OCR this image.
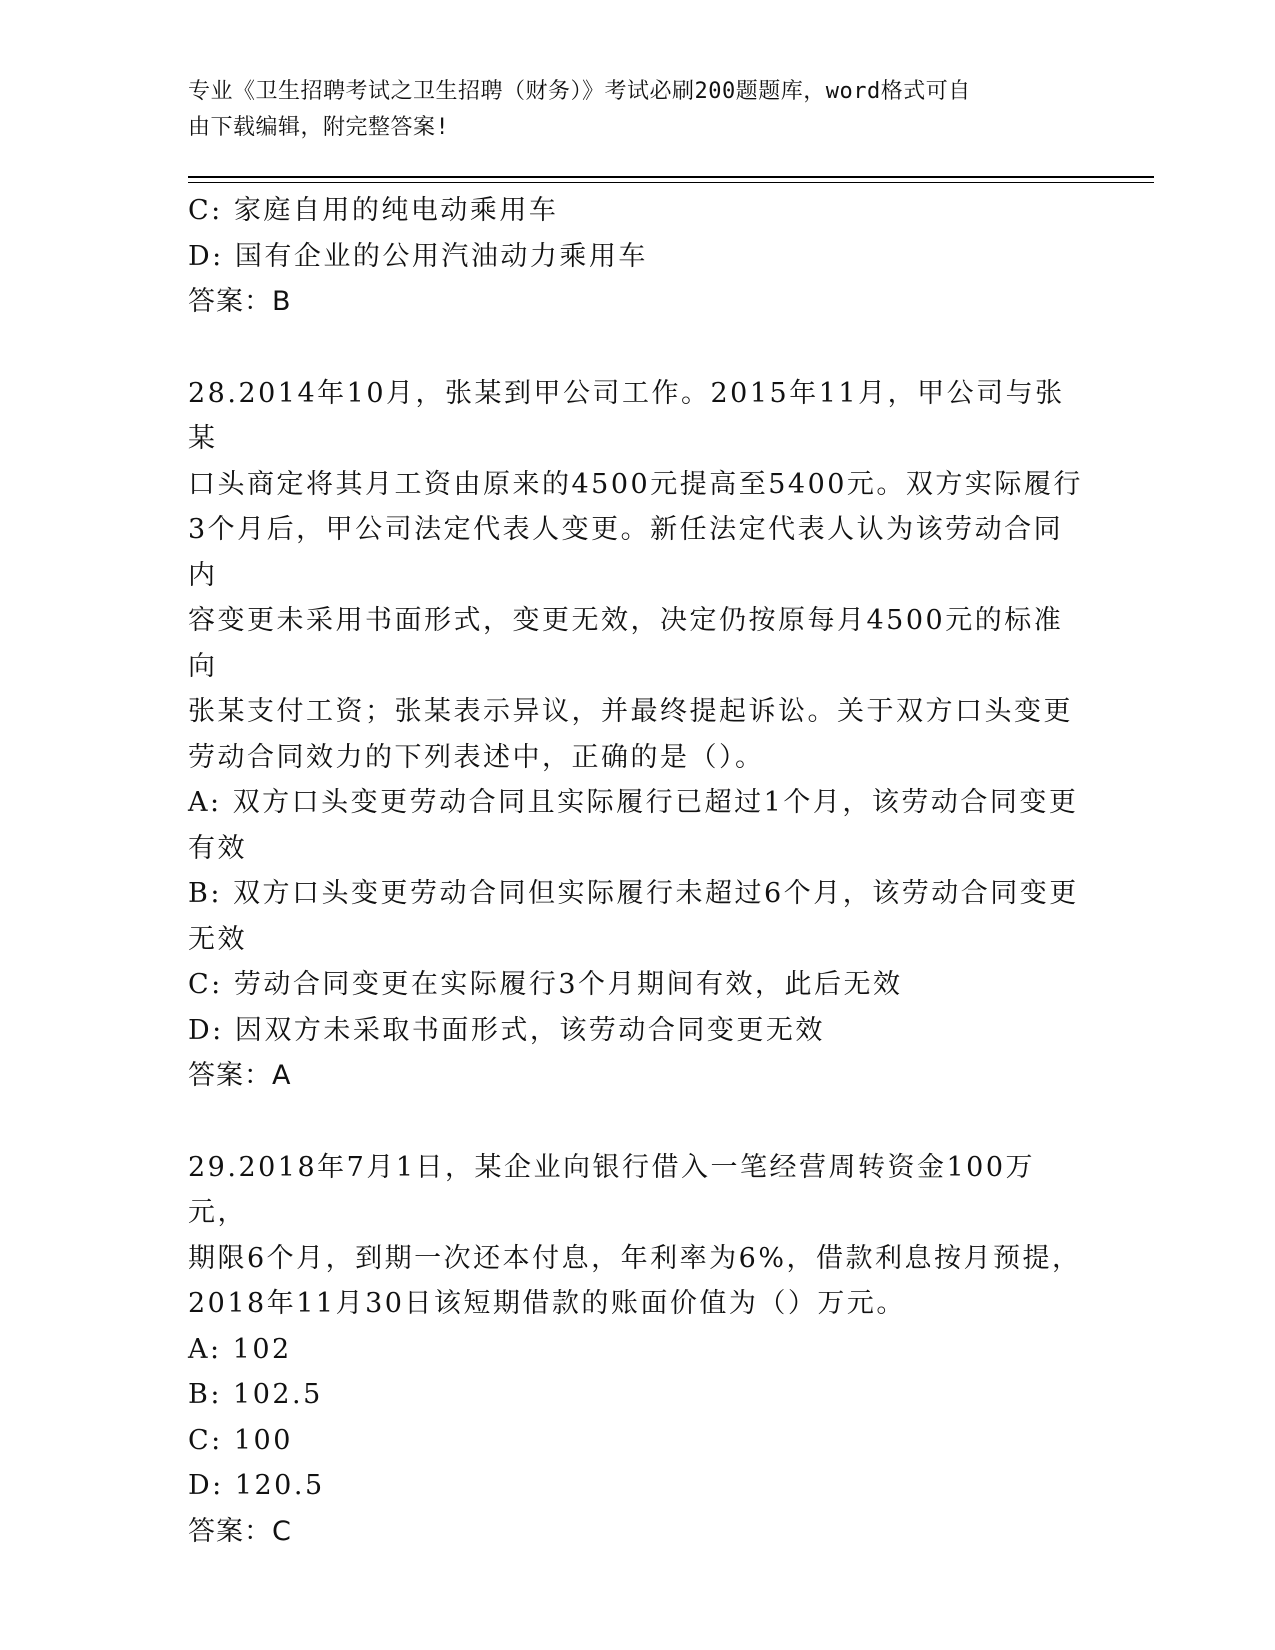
专业《卫生招聘考试之卫生招聘（财务）》考试必刷200题题库，word格式可自
由下载编辑，附完整答案!

C: 家庭自用的纯电动乘用车

D: 国有企业的公用汽油动力乘用车

答案：B

28.2014年10月，张某到甲公司工作。2015年11月，甲公司与张某

口头商定将其月工资由原来的4500元提高至5400元。双方实际履行

3个月后，甲公司法定代表人变更。新任法定代表人认为该劳动合同内

容变更未采用书面形式，变更无效，决定仍按原每月4500元的标准向

张某支付工资；张某表示异议，并最终提起诉讼。关于双方口头变更

劳动合同效力的下列表述中，正确的是（）。

A: 双方口头变更劳动合同且实际履行已超过1个月，该劳动合同变更

有效

B: 双方口头变更劳动合同但实际履行未超过6个月，该劳动合同变更

无效

C: 劳动合同变更在实际履行3个月期间有效，此后无效

D: 因双方未采取书面形式，该劳动合同变更无效

答案：A

29.2018年7月1日，某企业向银行借入一笔经营周转资金100万元，

期限6个月，到期一次还本付息，年利率为6%，借款利息按月预提，

2018年11月30日该短期借款的账面价值为（）万元。

A: 102

B: 102.5

C: 100

D: 120.5

答案：C
